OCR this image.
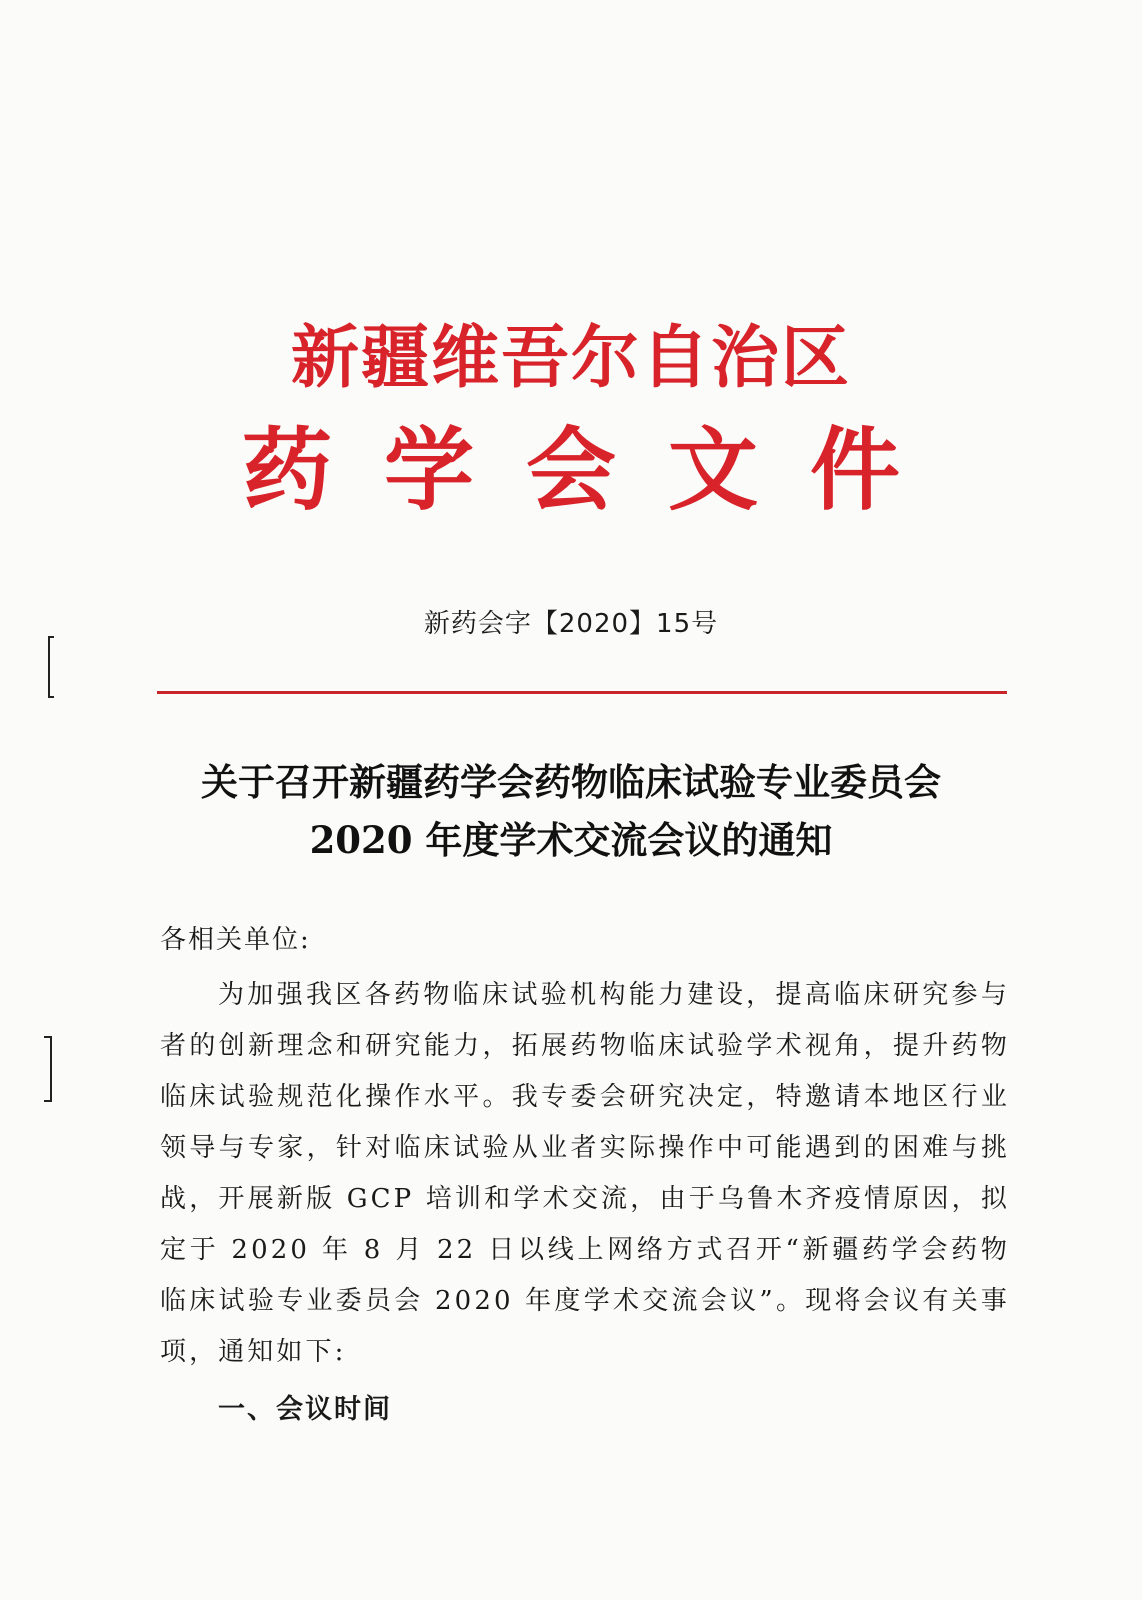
新疆维吾尔自治区
药学会文件
新药会字【2020】15号
关于召开新疆药学会药物临床试验专业委员会
2020 年度学术交流会议的通知
各相关单位:
为加强我区各药物临床试验机构能力建设，提高临床研究参与者的创新理念和研究能力，拓展药物临床试验学术视角，提升药物临床试验规范化操作水平。我专委会研究决定，特邀请本地区行业领导与专家，针对临床试验从业者实际操作中可能遇到的困难与挑战，开展新版 GCP 培训和学术交流，由于乌鲁木齐疫情原因，拟定于 2020 年 8 月 22 日以线上网络方式召开“新疆药学会药物临床试验专业委员会 2020 年度学术交流会议”。现将会议有关事项，通知如下:
一、会议时间
